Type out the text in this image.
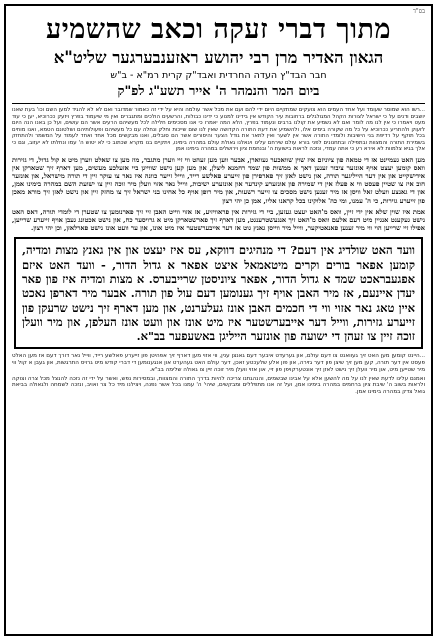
בס"ד
מתוך דברי זעקה וכאב שהשמיע
הגאון האדיר מרן רבי יהושע ראזענבערגער שליט"א

חבר הבד"ץ העדה החרדית ואבד"ק קרית רמ"א - ב"ש

ביום המר והנמהר ה' אייר תשע"ג לפ"ק

...רשו הוא שמוסר שעומד ועל אחד העמים הוא צועקים שמתקיים היום ידי להם ועם את מכל אשר עולמה והיא על ידי זה כאמור שמדובר ואם לא לא להגיד למען השם וכו' בעת שאנו יושבים ודנים על כי ישראל לצורות הקהל המגולגלים ברחובות עיר הקודש אין בידינו למנוע כי ידינו כבולות, והרשעים הולכים ומתגברים ואין מי שיעמוד בפרץ ויזעק ככרוכיא, יען כי עוד מעט ויאמרו כי אין לנו מה לומר ואם לא נשמיע את קולנו ברבים ונעמוד בפרץ, הלא המה יאמרו כי אנו מסכימים חלילה לכל מעשיהם הרעים אשר הם עושים, ועל כן באנו הנה היום לזעוק ולהתריע ככרוכיא על כל מה שקורה בימים אלו, ולהשמיע את דעת התורה הקדושה שאין לנו שום שייכות וחלק ונחלה עם כל מעשיהם ופעולותיהם ושלטונם הטמא, ואנו מוחים בכל תוקף על רדיפת בני הישיבות ולומדי התורה אשר אין לשער ואין לתאר את גודל הצער והיסורים אשר הם סובלים, ואנו מבקשים מכל אחד ואחד לעמוד על המשמר ולהתחזק בשמירת התורה והמצוות ובתפילה ובתחנונים לפני בורא עולם שירחם עלינו ויגאלנו גאולת עולם במהרה בימינו, ויתקיים בנו מקרא שכתוב כי לא יטוש ה' עמו ונחלתו לא יעזוב, וגם כי אלך בגיא צלמוות לא אירא רע כי אתה עמדי, ונזכה לראות בישועת ה' ובנחמת ציון וירושלים במהרה בימינו אמן

מען האט געמיינט אז די טמאה פון ציוניזם איז שוין שוואכער געווארן, אבער ווען מען זעהט ווי זיי ווערן מתגבר, מוז מען צו שאלט ווערן מיט א קול גדול, די גזירות וואס קומען יעצט אויף אונזער ציבור זענען דאך א ממשות פון שמד רחמנא ליצלן, און מען קען נישט שווייגן ביי אזעלכע מעשים, מען דארף זיך שטארקן אין אידישקייט און אין דער הייליגער תורה, און נישט לאזן זיך פארפירן פון זייערע פאלשע רייד, ווייל זייער כוונה איז נאר צו עוקר זיין די תורה מישראל, און אונזער חוב איז צו שטיין פעסט ווי א פעלז אין די שמירה פון אונזערע קינדער און אונזערע ישיבות, ווייל נאר אזוי וועלן מיר זוכה זיין צו ישועת השם במהרה בימינו אמן, און די גאנצע וועלט זאל וויסן אז מיר זענען נישט מסכים צו זייער רשעות, און מיר רופן אויף כל אחינו בני ישראל זיך צו מחזק זיין און נישט לאזן זיך מורא מאכן פון זייערע גזירות, כי ה' עמנו, ומי כה' אלוקינו בכל קראנו אליו, אמן כן יהי רצון

אמת איז שוין שלא אין ידי זיין, וואס מ'האט יעצט געזען, ביי די גזירות אין פראוויזיע, אז אזוי ווייט האבן זיי זיך פארנומען צו שטערן די לומדי תורה, דאס האט נישט געקענט אנגיין מיט דעם אלעם וואס מ'האט זיך אנגעשטרענגט, מען דארף זיך פארשטארקן מיט א גרויסער כח, און נישט אכטונג געבן אויף זייערע שרייען, אפילו זיי שרייען הוי ווי מיר זענען פאנאטיקער, ווייל מיר ווייסן גאנץ גוט אז דער אייבערשטער איז מיט אונז, און ער וועט אונז נישט פארלאזן, וכן יהי רצון.

וועד האט שולדיג אין דעם? די מנהיגים דווקא, עס איז יעצט און אין גאנץ מצות ומדיה, קומען אפאר בורים וקרים מיטאמאל איצט אפאר א גדול הדור, - וועד האט איזם אפגעבראכט שמד א גדול הדור, אפאר ציוניסטן שרייבערס. א מצות ומדיה איז פון פאר יעדן איינעם, אז מיר האבן אויף זיך גענומען דעם עול פון תורה. אבער מיר דארפן נאכט איין טאג נאר אזוי ווי די חכמים האבן אונז געלערנט, און מען דארף זיך נישט שרעקן פון זייערע גזירות, ווייל דער אייבערשטער איז מיט אונז און וועט אונז העלפן, און מיר וועלן זוכה זיין צו זעהן די ישועה פון אונזער הייליגן באשעפער בב"א.

...היינט קומען מען האט זיך געוואנט צו דעם עולם, און גערעדט איבער דעם גאנצן ענין, ווי אזוי מען דארף זיך אפהיטן פון זייערע פאלשע רייד, ווייל נאר דורך דעם אז מען האלט פעסט אין דער תורה, קען מען זיך שיצן פון דער גזירה, און פון אלע שלעכטע זאכן, דער עולם האט געהערט און אנגענומען די דברי קודש מיט גרויס התרגשות, און געבן א קול ווי מיר שטייען מיט, און מיר וועלן זיך נישט לאזן זיך אונטערקויפן פון זיי, און אזוי וועלן מיר זוכה זיין צו גאולה שלימה בב"א.

ואמנם עלינו לדעת שאין לנו על מה להשען אלא על אבינו שבשמים, והנהגתנו צריכה להיות בדרך התורה והמצוות, ובמסירות נפש, ואשר על ידי זה נזכה להנצל מכל צרה וצוקה ולראות בשוב ה' שיבת ציון ברחמים במהרה בימינו אמן, ועל זה אנו מתפללים ומבקשים, שיהי' ה' עמנו בכל אשר נפנה, ויצילנו מיד כל צר ואויב, ונזכה לשמחה ולגאולה בביאת גואל צדק במהרה בימינו אמן.
